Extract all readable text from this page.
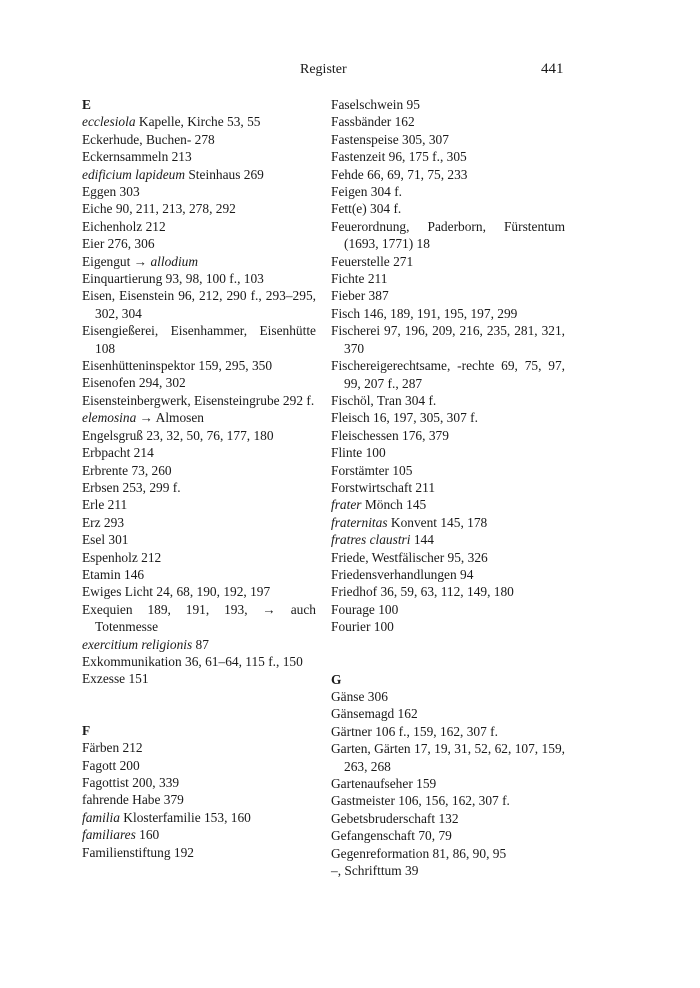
Register	441
E

ecclesiola Kapelle, Kirche 53, 55

Eckerhude, Buchen- 278

Eckernsammeln 213

edificium lapideum Steinhaus 269

Eggen 303

Eiche 90, 211, 213, 278, 292

Eichenholz 212

Eier 276, 306

Eigengut → allodium

Einquartierung 93, 98, 100 f., 103

Eisen, Eisenstein 96, 212, 290 f., 293–295, 302, 304

Eisengießerei, Eisenhammer, Eisenhütte 108

Eisenhütteninspektor 159, 295, 350

Eisenofen 294, 302

Eisensteinbergwerk, Eisensteingrube 292 f.

elemosina → Almosen

Engelsgruß 23, 32, 50, 76, 177, 180

Erbpacht 214

Erbrente 73, 260

Erbsen 253, 299 f.

Erle 211

Erz 293

Esel 301

Espenholz 212

Etamin 146

Ewiges Licht 24, 68, 190, 192, 197

Exequien 189, 191, 193, → auch Totenmesse

exercitium religionis 87

Exkommunikation 36, 61–64, 115 f., 150

Exzesse 151

F

Färben 212

Fagott 200

Fagottist 200, 339

fahrende Habe 379

familia Klosterfamilie 153, 160

familiares 160

Familienstiftung 192

Faselschwein 95

Fassbänder 162

Fastenspeise 305, 307

Fastenzeit 96, 175 f., 305

Fehde 66, 69, 71, 75, 233

Feigen 304 f.

Fett(e) 304 f.

Feuerordnung, Paderborn, Fürstentum (1693, 1771) 18

Feuerstelle 271

Fichte 211

Fieber 387

Fisch 146, 189, 191, 195, 197, 299

Fischerei 97, 196, 209, 216, 235, 281, 321, 370

Fischereigerechtsame, -rechte 69, 75, 97, 99, 207 f., 287

Fischöl, Tran 304 f.

Fleisch 16, 197, 305, 307 f.

Fleischessen 176, 379

Flinte 100

Forstämter 105

Forstwirtschaft 211

frater Mönch 145

fraternitas Konvent 145, 178

fratres claustri 144

Friede, Westfälischer 95, 326

Friedensverhandlungen 94

Friedhof 36, 59, 63, 112, 149, 180

Fourage 100

Fourier 100

G

Gänse 306

Gänsemagd 162

Gärtner 106 f., 159, 162, 307 f.

Garten, Gärten 17, 19, 31, 52, 62, 107, 159, 263, 268

Gartenaufseher 159

Gastmeister 106, 156, 162, 307 f.

Gebetsbruderschaft 132

Gefangenschaft 70, 79

Gegenreformation 81, 86, 90, 95

–, Schrifttum 39
